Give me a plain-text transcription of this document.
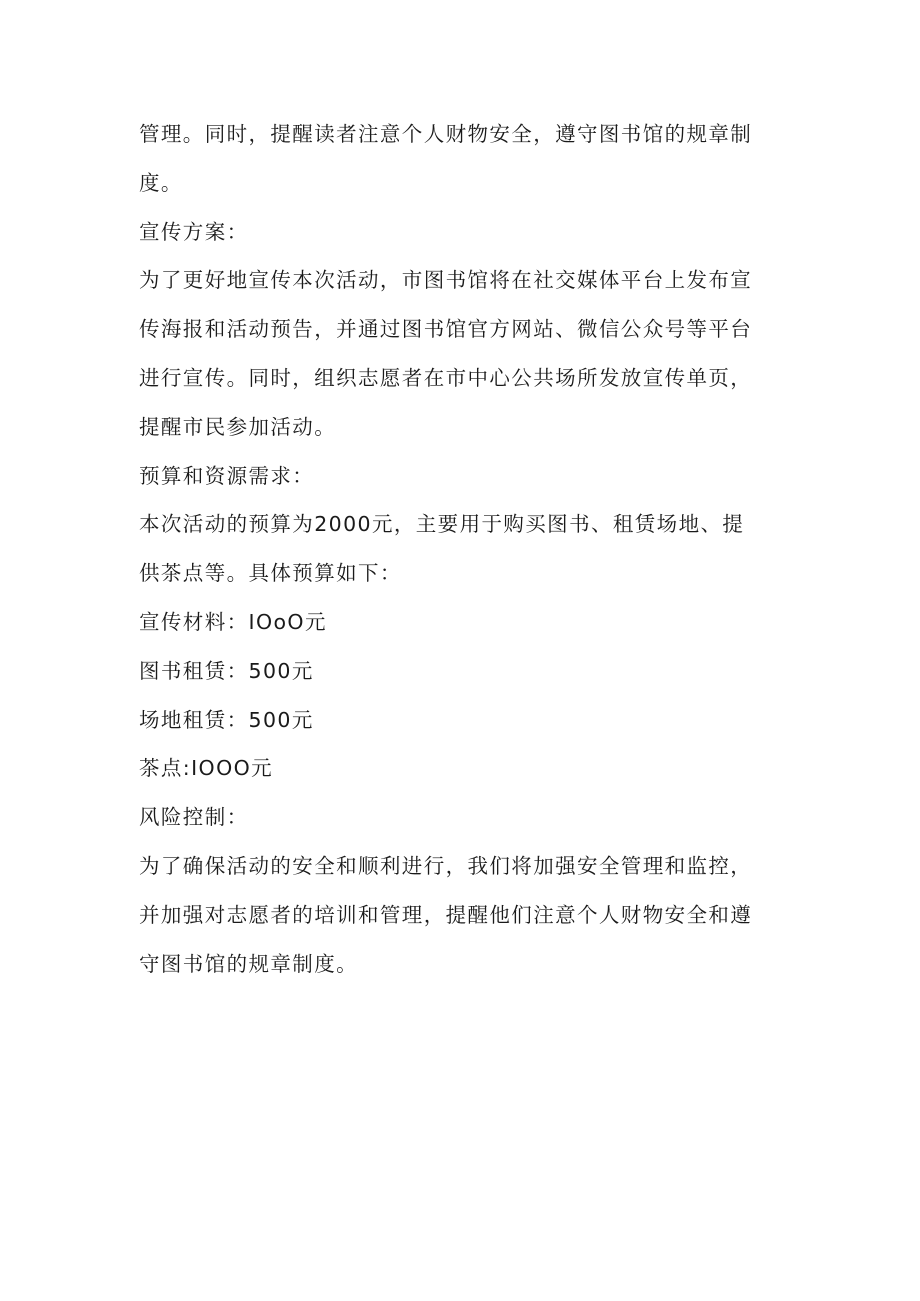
管理。同时，提醒读者注意个人财物安全，遵守图书馆的规章制
度。
宣传方案：
为了更好地宣传本次活动，市图书馆将在社交媒体平台上发布宣
传海报和活动预告，并通过图书馆官方网站、微信公众号等平台
进行宣传。同时，组织志愿者在市中心公共场所发放宣传单页，
提醒市民参加活动。
预算和资源需求：
本次活动的预算为2000元，主要用于购买图书、租赁场地、提
供茶点等。具体预算如下：
宣传材料：IOoO元
图书租赁：500元
场地租赁：500元
茶点:IOOO元
风险控制：
为了确保活动的安全和顺利进行，我们将加强安全管理和监控，
并加强对志愿者的培训和管理，提醒他们注意个人财物安全和遵
守图书馆的规章制度。
